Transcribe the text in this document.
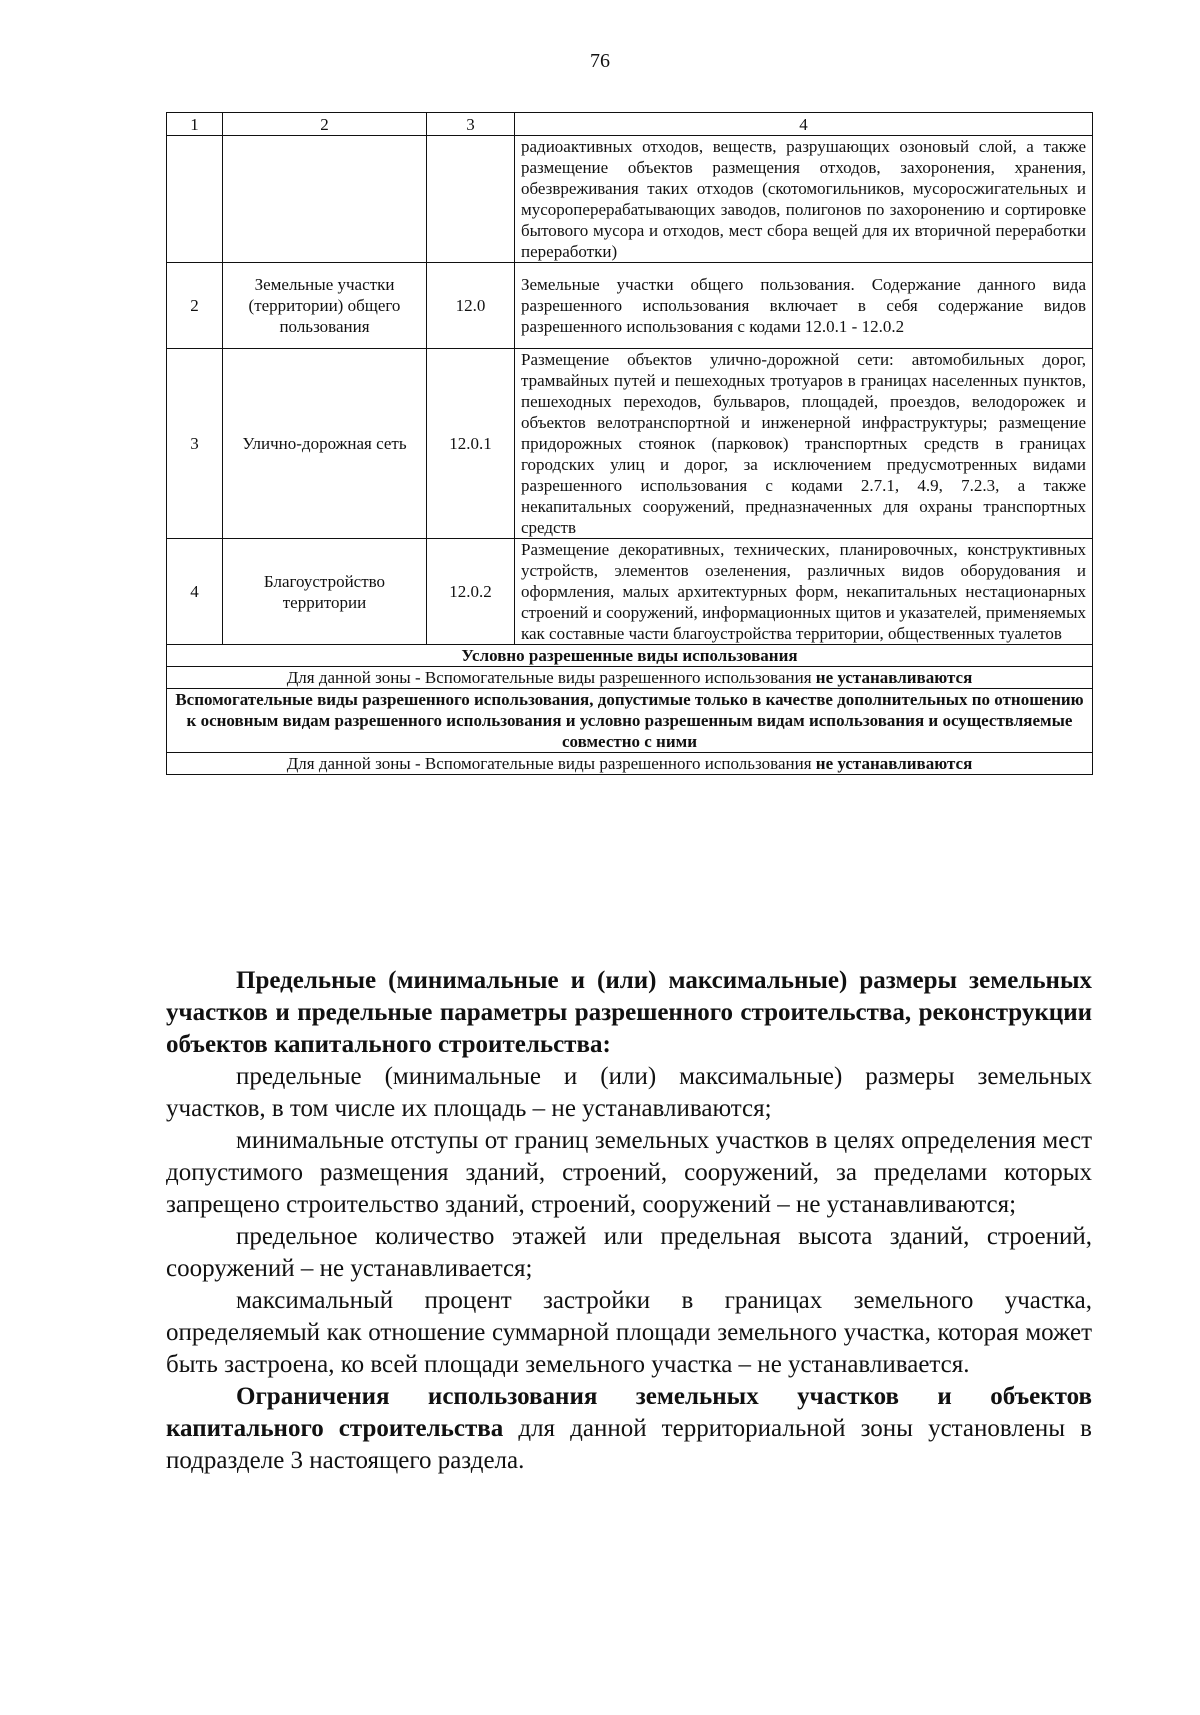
76
1	2	3	4
			радиоактивных отходов, веществ, разрушающих озоновый слой, а также размещение объектов размещения отходов, захоронения, хранения, обезвреживания таких отходов (скотомогильников, мусоросжигательных и мусороперерабатывающих заводов, полигонов по захоронению и сортировке бытового мусора и отходов, мест сбора вещей для их вторичной переработки переработки)
2	Земельные участки (территории) общего пользования	12.0	Земельные участки общего пользования. Содержание данного вида разрешенного использования включает в себя содержание видов разрешенного использования с кодами 12.0.1 - 12.0.2
3	Улично-дорожная сеть	12.0.1	Размещение объектов улично-дорожной сети: автомобильных дорог, трамвайных путей и пешеходных тротуаров в границах населенных пунктов, пешеходных переходов, бульваров, площадей, проездов, велодорожек и объектов велотранспортной и инженерной инфраструктуры; размещение придорожных стоянок (парковок) транспортных средств в границах городских улиц и дорог, за исключением предусмотренных видами разрешенного использования с кодами 2.7.1, 4.9, 7.2.3, а также некапитальных сооружений, предназначенных для охраны транспортных средств
4	Благоустройство территории	12.0.2	Размещение декоративных, технических, планировочных, конструктивных устройств, элементов озеленения, различных видов оборудования и оформления, малых архитектурных форм, некапитальных нестационарных строений и сооружений, информационных щитов и указателей, применяемых как составные части благоустройства территории, общественных туалетов
Условно разрешенные виды использования			
Для данной зоны - Вспомогательные виды разрешенного использования не устанавливаются			
Вспомогательные виды разрешенного использования, допустимые только в качестве дополнительных по отношению к основным видам разрешенного использования и условно разрешенным видам использования и осуществляемые совместно с ними			
Для данной зоны - Вспомогательные виды разрешенного использования не устанавливаются			

Предельные (минимальные и (или) максимальные) размеры земельных участков и предельные параметры разрешенного строительства, реконструкции объектов капитального строительства:

предельные (минимальные и (или) максимальные) размеры земельных участков, в том числе их площадь – не устанавливаются;

минимальные отступы от границ земельных участков в целях определения мест допустимого размещения зданий, строений, сооружений, за пределами которых запрещено строительство зданий, строений, сооружений – не устанавливаются;

предельное количество этажей или предельная высота зданий, строений, сооружений – не устанавливается;

максимальный процент застройки в границах земельного участка, определяемый как отношение суммарной площади земельного участка, которая может быть застроена, ко всей площади земельного участка – не устанавливается.

Ограничения использования земельных участков и объектов капитального строительства для данной территориальной зоны установлены в подразделе 3 настоящего раздела.
